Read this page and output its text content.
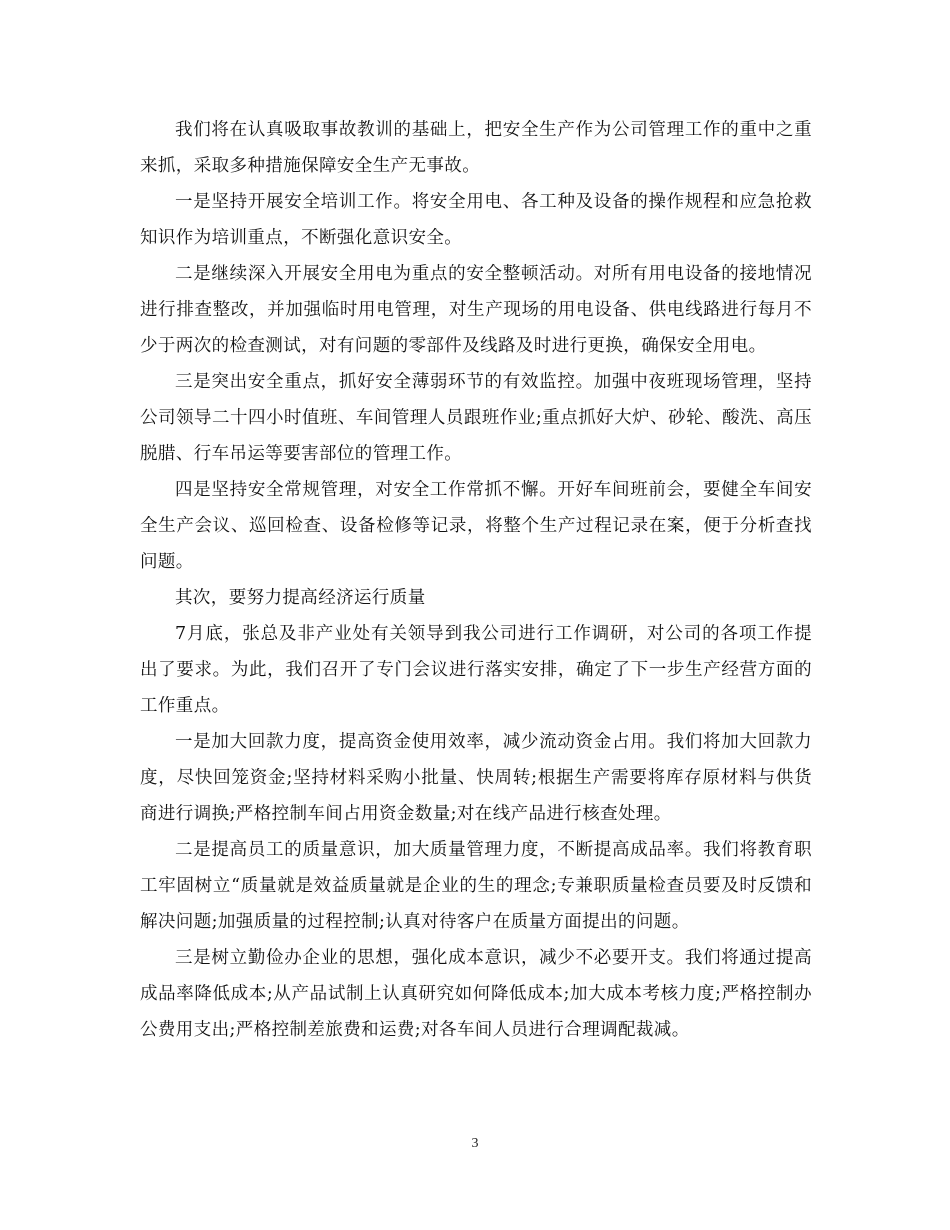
我们将在认真吸取事故教训的基础上，把安全生产作为公司管理工作的重中之重来抓，采取多种措施保障安全生产无事故。

一是坚持开展安全培训工作。将安全用电、各工种及设备的操作规程和应急抢救知识作为培训重点，不断强化意识安全。

二是继续深入开展安全用电为重点的安全整顿活动。对所有用电设备的接地情况进行排查整改，并加强临时用电管理，对生产现场的用电设备、供电线路进行每月不少于两次的检查测试，对有问题的零部件及线路及时进行更换，确保安全用电。

三是突出安全重点，抓好安全薄弱环节的有效监控。加强中夜班现场管理，坚持公司领导二十四小时值班、车间管理人员跟班作业;重点抓好大炉、砂轮、酸洗、高压脱腊、行车吊运等要害部位的管理工作。

四是坚持安全常规管理，对安全工作常抓不懈。开好车间班前会，要健全车间安全生产会议、巡回检查、设备检修等记录，将整个生产过程记录在案，便于分析查找问题。

其次，要努力提高经济运行质量

7月底，张总及非产业处有关领导到我公司进行工作调研，对公司的各项工作提出了要求。为此，我们召开了专门会议进行落实安排，确定了下一步生产经营方面的工作重点。

一是加大回款力度，提高资金使用效率，减少流动资金占用。我们将加大回款力度，尽快回笼资金;坚持材料采购小批量、快周转;根据生产需要将库存原材料与供货商进行调换;严格控制车间占用资金数量;对在线产品进行核查处理。

二是提高员工的质量意识，加大质量管理力度，不断提高成品率。我们将教育职工牢固树立“质量就是效益质量就是企业的生的理念;专兼职质量检查员要及时反馈和解决问题;加强质量的过程控制;认真对待客户在质量方面提出的问题。

三是树立勤俭办企业的思想，强化成本意识，减少不必要开支。我们将通过提高成品率降低成本;从产品试制上认真研究如何降低成本;加大成本考核力度;严格控制办公费用支出;严格控制差旅费和运费;对各车间人员进行合理调配裁减。

3
